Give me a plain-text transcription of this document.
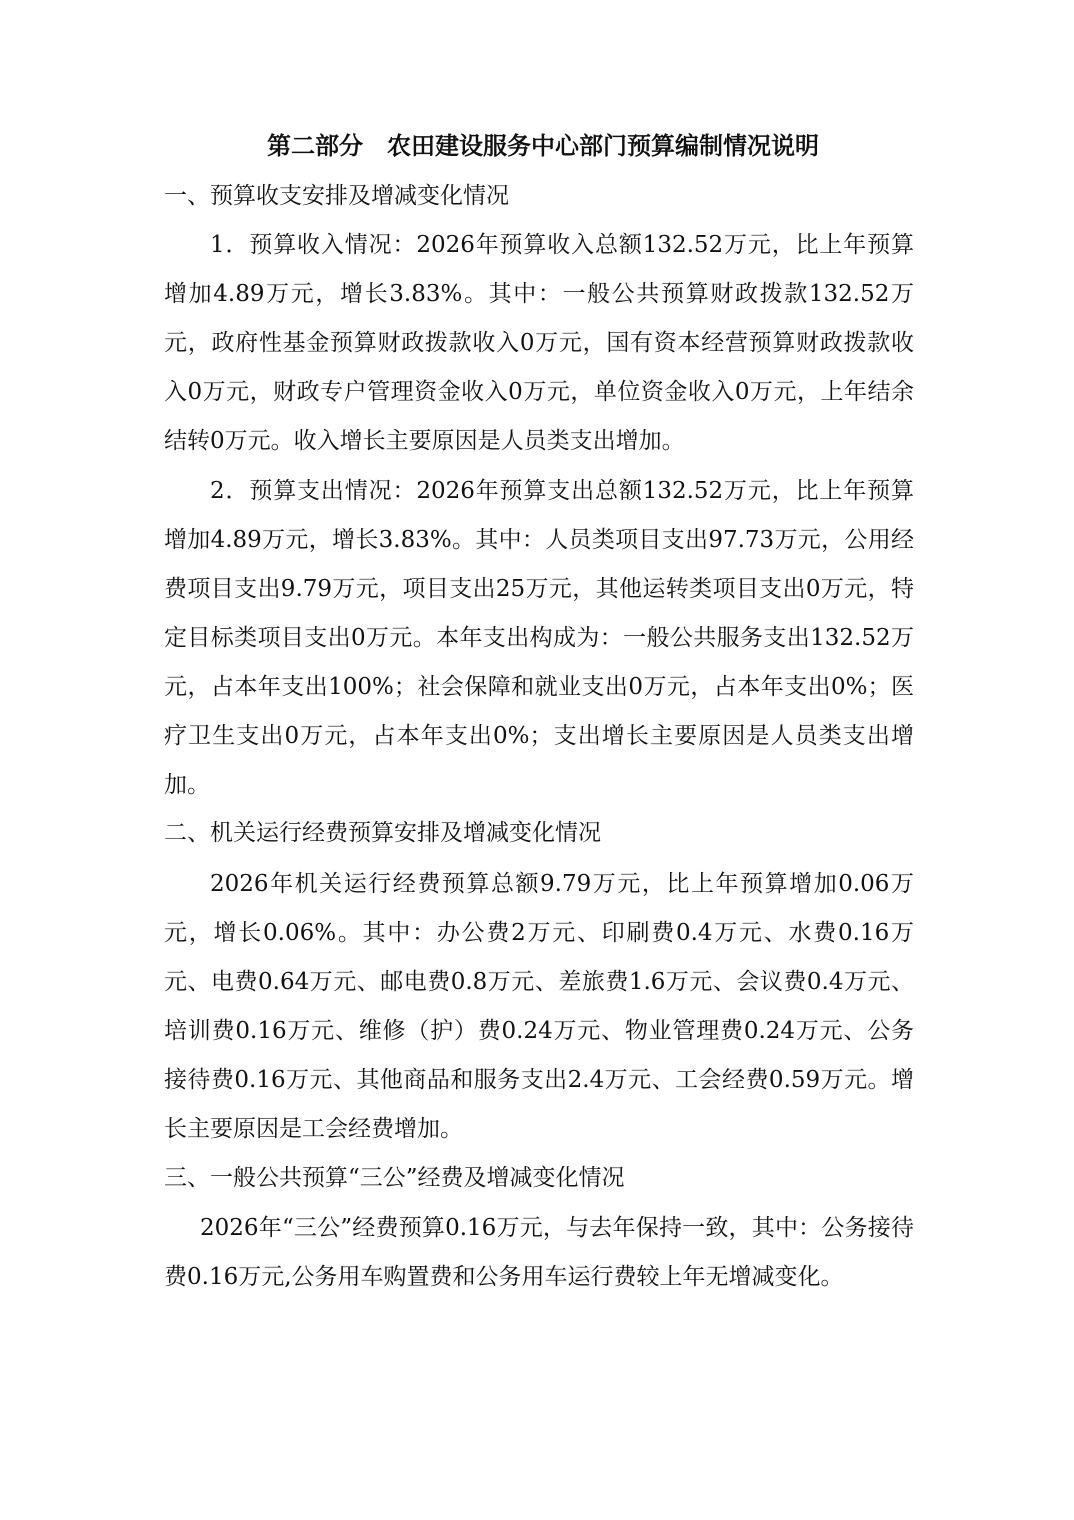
第二部分　农田建设服务中心部门预算编制情况说明
一、预算收支安排及增减变化情况
1．预算收入情况：2026年预算收入总额132.52万元，比上年预算增加4.89万元，增长3.83%。其中：一般公共预算财政拨款132.52万元，政府性基金预算财政拨款收入0万元，国有资本经营预算财政拨款收入0万元，财政专户管理资金收入0万元，单位资金收入0万元，上年结余结转0万元。收入增长主要原因是人员类支出增加。
2．预算支出情况：2026年预算支出总额132.52万元，比上年预算增加4.89万元，增长3.83%。其中：人员类项目支出97.73万元，公用经费项目支出9.79万元，项目支出25万元，其他运转类项目支出0万元，特定目标类项目支出0万元。本年支出构成为：一般公共服务支出132.52万元，占本年支出100%；社会保障和就业支出0万元，占本年支出0%；医疗卫生支出0万元，占本年支出0%；支出增长主要原因是人员类支出增加。
二、机关运行经费预算安排及增减变化情况
2026年机关运行经费预算总额9.79万元，比上年预算增加0.06万元，增长0.06%。其中：办公费2万元、印刷费0.4万元、水费0.16万元、电费0.64万元、邮电费0.8万元、差旅费1.6万元、会议费0.4万元、培训费0.16万元、维修（护）费0.24万元、物业管理费0.24万元、公务接待费0.16万元、其他商品和服务支出2.4万元、工会经费0.59万元。增长主要原因是工会经费增加。
三、一般公共预算“三公”经费及增减变化情况
2026年“三公”经费预算0.16万元，与去年保持一致，其中：公务接待费0.16万元,公务用车购置费和公务用车运行费较上年无增减变化。
